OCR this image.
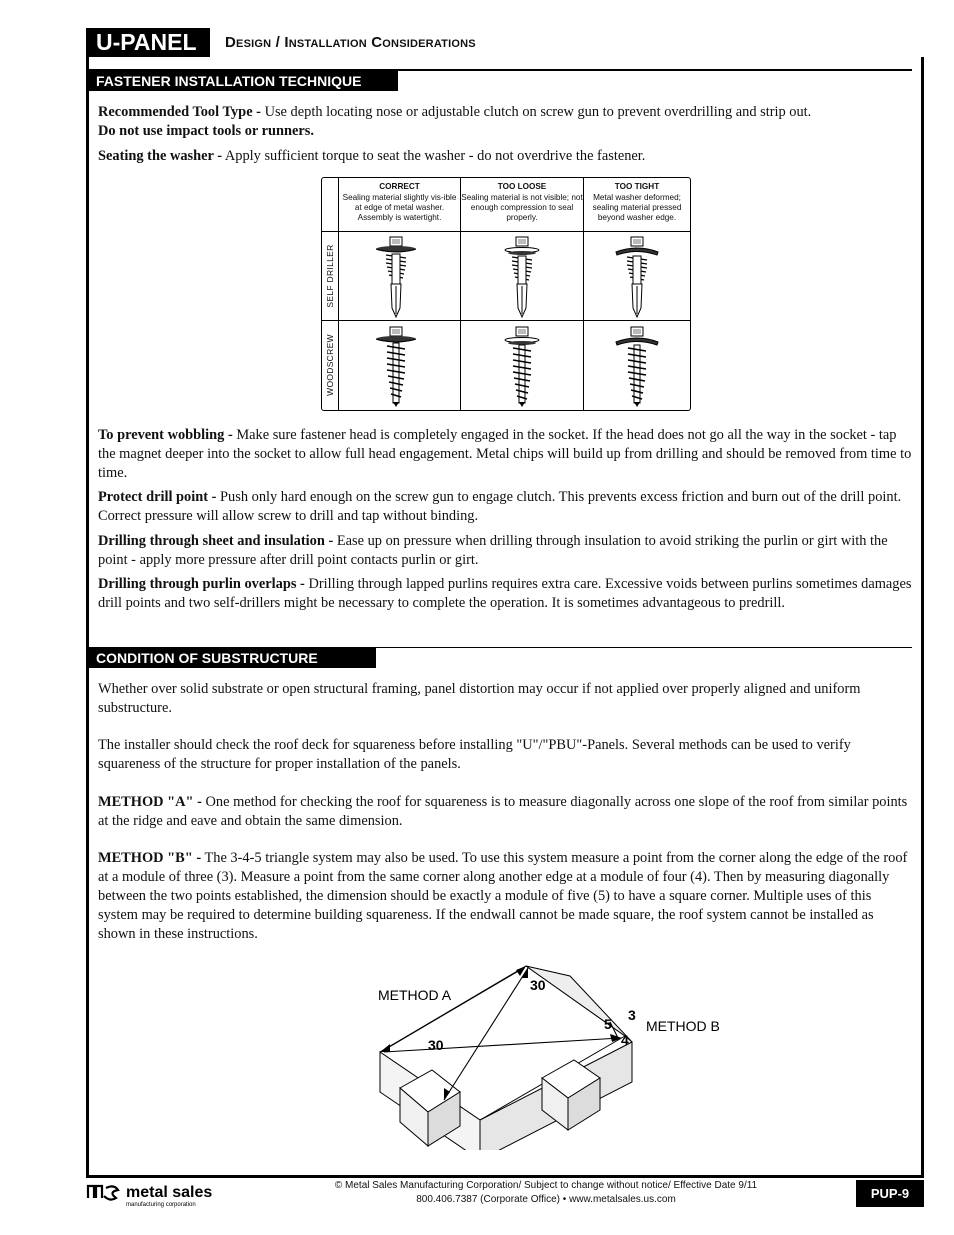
U-PANEL	Design / Installation Considerations
FASTENER INSTALLATION TECHNIQUE
Recommended Tool Type - Use depth locating nose or adjustable clutch on screw gun to prevent overdrilling and strip out.
Do not use impact tools or runners.
Seating the washer - Apply sufficient torque to seat the washer - do not overdrive the fastener.
CORRECT
Sealing material slightly vis-ible at edge of metal washer. Assembly is watertight.
TOO LOOSE
Sealing material is not visible; not enough compression to seal properly.
TOO TIGHT
Metal washer deformed; sealing material pressed beyond washer edge.
SELF DRILLER
WOODSCREW
To prevent wobbling - Make sure fastener head is completely engaged in the socket. If the head does not go all the way in the socket - tap the magnet deeper into the socket to allow full head engagement. Metal chips will build up from drilling and should be removed from time to time.
Protect drill point - Push only hard enough on the screw gun to engage clutch. This prevents excess friction and burn out of the drill point. Correct pressure will allow screw to drill and tap without binding.
Drilling through sheet and insulation - Ease up on pressure when drilling through insulation to avoid striking the purlin or girt with the point - apply more pressure after drill point contacts purlin or girt.
Drilling through purlin overlaps - Drilling through lapped purlins requires extra care. Excessive voids between purlins sometimes damages drill points and two self-drillers might be necessary to complete the operation. It is sometimes advantageous to predrill.
CONDITION OF SUBSTRUCTURE
Whether over solid substrate or open structural framing, panel distortion may occur if not applied over properly aligned and uniform substructure.
The installer should check the roof deck for squareness before installing "U"/"PBU"-Panels. Several methods can be used to verify squareness of the structure for proper installation of the panels.
METHOD "A" - One method for checking the roof for squareness is to measure diagonally across one slope of the roof from similar points at the ridge and eave and obtain the same dimension.
METHOD "B" - The 3-4-5 triangle system may also be used. To use this system measure a point from the corner along the edge of the roof at a module of three (3). Measure a point from the same corner along another edge at a module of four (4). Then by measuring diagonally between the two points established, the dimension should be exactly a module of five (5) to have a square corner. Multiple uses of this system may be required to determine building squareness. If the endwall cannot be made square, the roof system cannot be installed as shown in these instructions.
METHOD A
METHOD B
30
30
3
4
5
metal sales
manufacturing corporation
© Metal Sales Manufacturing Corporation/ Subject to change without notice/ Effective Date 9/11
800.406.7387 (Corporate Office) • www.metalsales.us.com	PUP-9
